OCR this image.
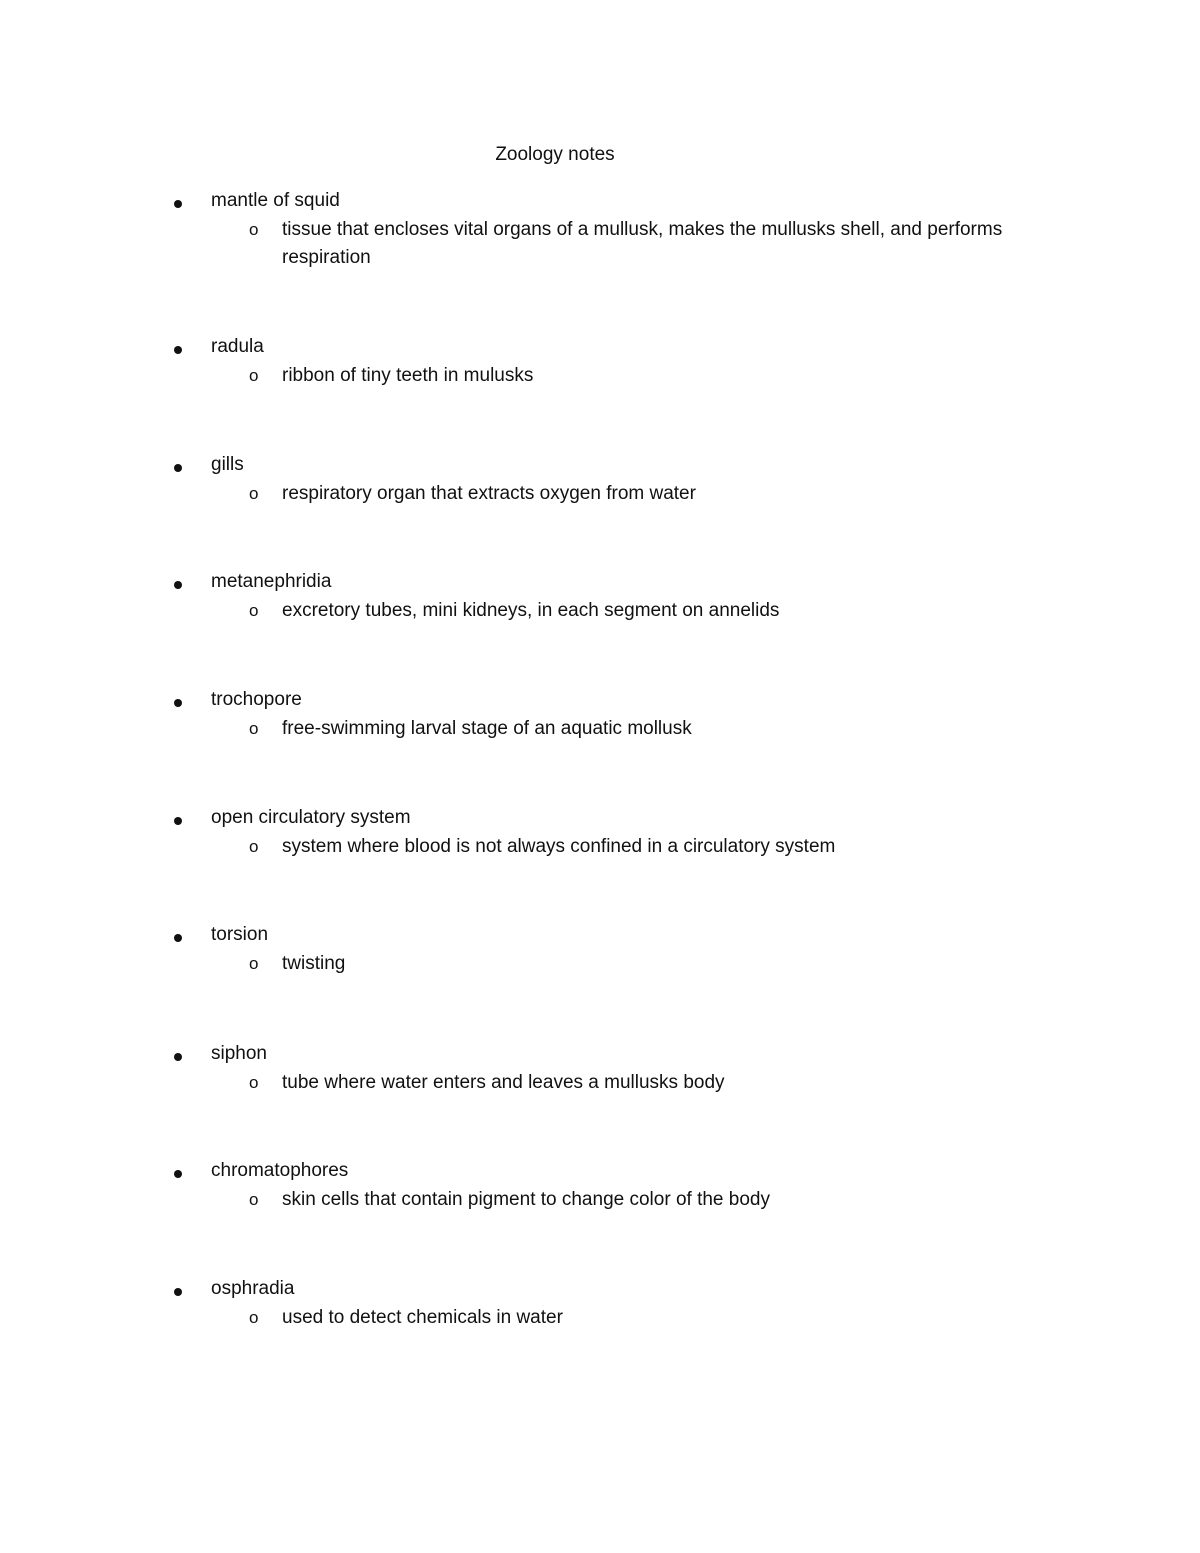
Zoology notes
mantle of squid
o tissue that encloses vital organs of a mullusk, makes the mullusks shell, and performs respiration
radula
o ribbon of tiny teeth in mulusks
gills
o respiratory organ that extracts oxygen from water
metanephridia
o excretory tubes, mini kidneys, in each segment on annelids
trochopore
o free-swimming larval stage of an aquatic mollusk
open circulatory system
o system where blood is not always confined in a circulatory system
torsion
o twisting
siphon
o tube where water enters and leaves a mullusks body
chromatophores
o skin cells that contain pigment to change color of the body
osphradia
o used to detect chemicals in water
